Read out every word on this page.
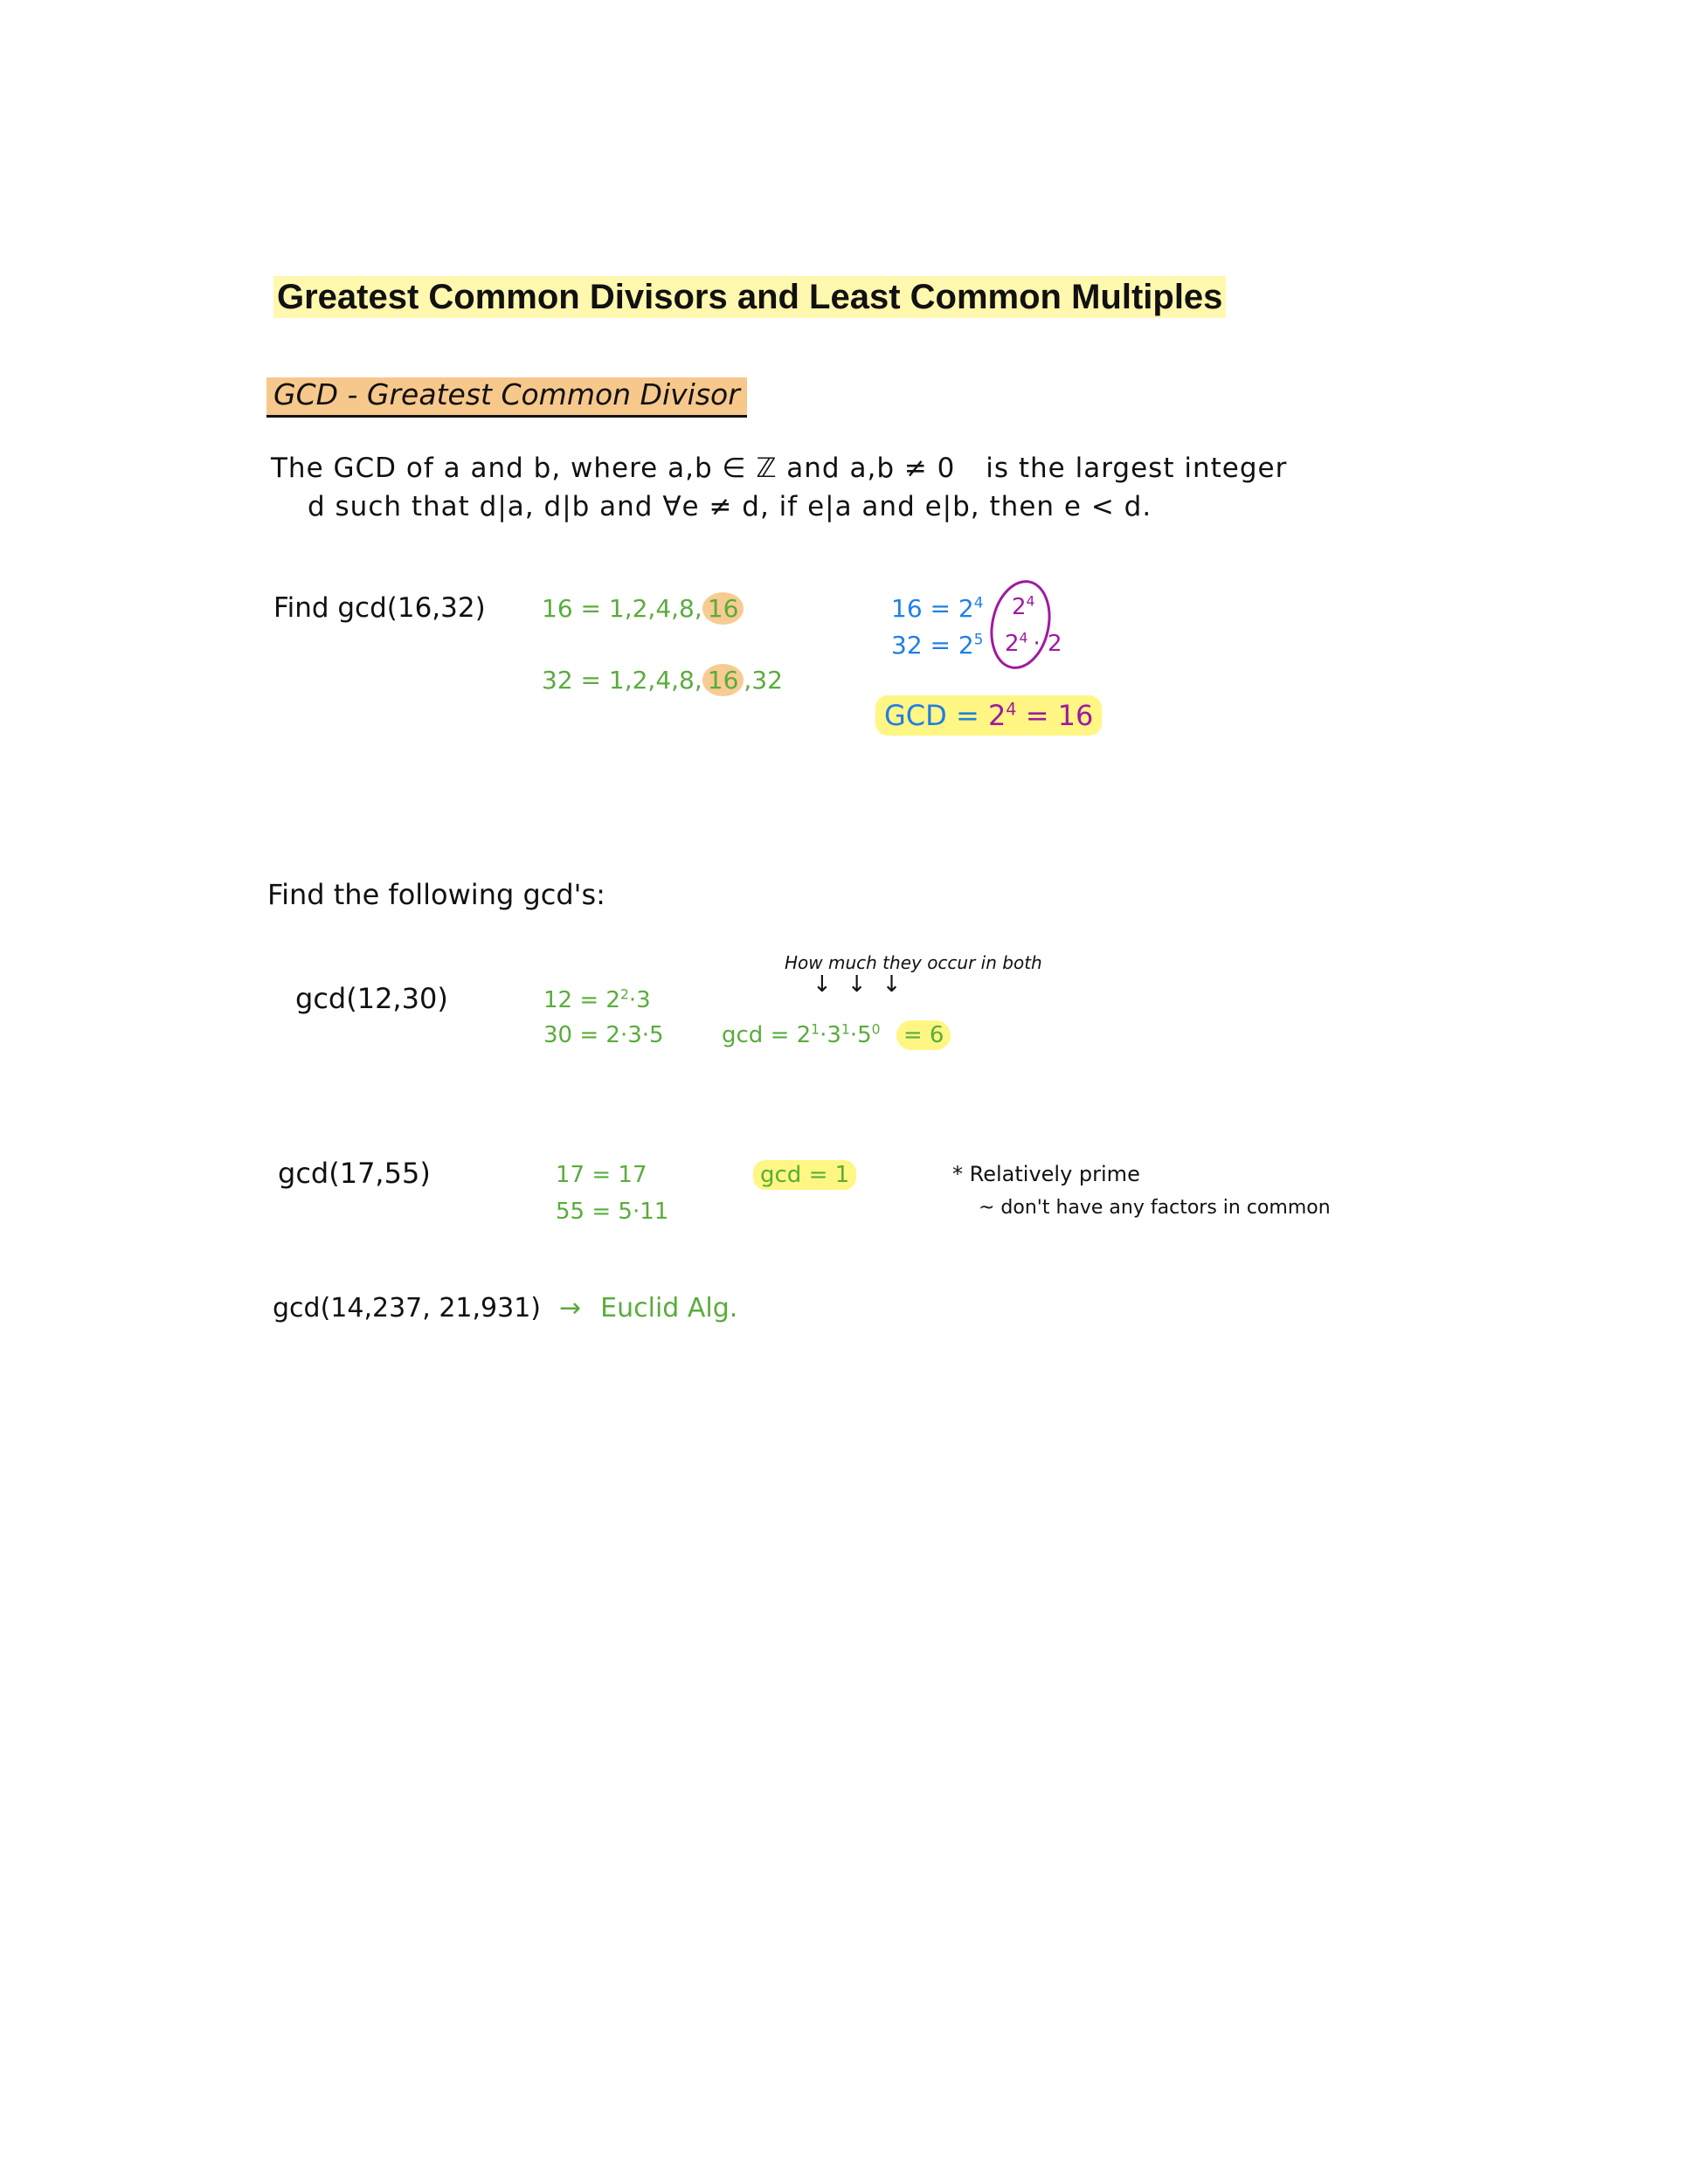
Greatest Common Divisors and Least Common Multiples
GCD - Greatest Common Divisor
The GCD of a and b, where a,b ∈ ℤ and a,b ≠ 0 is the largest integer
d such that d|a, d|b and ∀e ≠ d, if e|a and e|b, then e < d.
Find gcd(16,32) 16 = 1,2,4,8, 16
32 = 1,2,4,8, 16 ,32
$16 = 2^4$
$32 = 2^5$
$2^4$
$2^4 \cdot 2$
GCD = $2^4 = 16$
Find the following gcd's:
gcd(12,30)	$12 = 2^2\cdot 3$
30 = 2·3·5
How much they occur in both
↓↓↓
$\gcd = 2^1\cdot 3^1\cdot 5^0 = 6$
gcd(17,55)	17 = 17
55 = 5·11
gcd = 1	* Relatively prime
~ don't have any factors in common
gcd(14,237, 21,931) → Euclid Alg.
